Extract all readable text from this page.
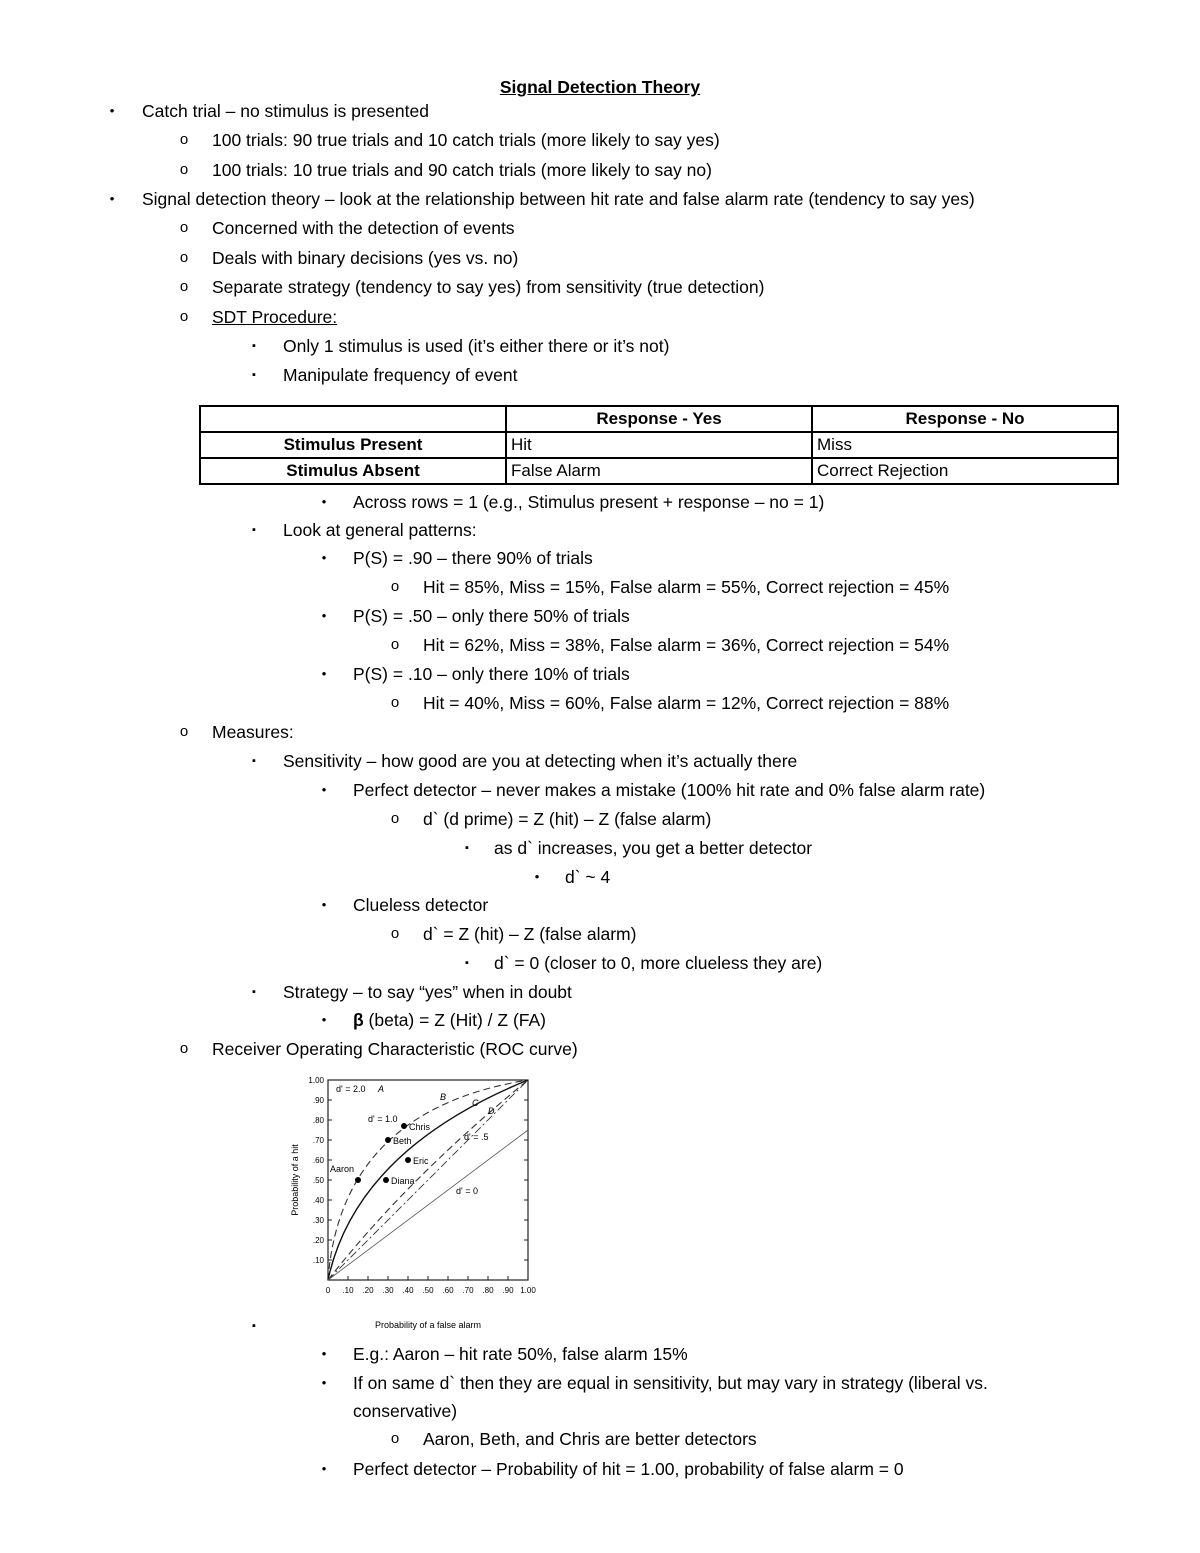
Signal Detection Theory
•	Catch trial – no stimulus is presented
o 100 trials: 90 true trials and 10 catch trials (more likely to say yes)
o 100 trials: 10 true trials and 90 catch trials (more likely to say no)
•	Signal detection theory – look at the relationship between hit rate and false alarm rate (tendency to say yes)
o Concerned with the detection of events
o Deals with binary decisions (yes vs. no)
o Separate strategy (tendency to say yes) from sensitivity (true detection)
o SDT Procedure:
▪	Only 1 stimulus is used (it’s either there or it’s not)
▪	Manipulate frequency of event
	Response - Yes	Response - No
Stimulus Present	Hit	Miss
Stimulus Absent	False Alarm	Correct Rejection
•	Across rows = 1 (e.g., Stimulus present + response – no = 1)
▪	Look at general patterns:
•	P(S) = .90 – there 90% of trials
o Hit = 85%, Miss = 15%, False alarm = 55%, Correct rejection = 45%
•	P(S) = .50 – only there 50% of trials
o Hit = 62%, Miss = 38%, False alarm = 36%, Correct rejection = 54%
•	P(S) = .10 – only there 10% of trials
o Hit = 40%, Miss = 60%, False alarm = 12%, Correct rejection = 88%
o Measures:
▪	Sensitivity – how good are you at detecting when it’s actually there
•	Perfect detector – never makes a mistake (100% hit rate and 0% false alarm rate)
o d` (d prime) = Z (hit) – Z (false alarm)
▪	as d` increases, you get a better detector
•	d` ~ 4
•	Clueless detector
o d` = Z (hit) – Z (false alarm)
▪	d` = 0 (closer to 0, more clueless they are)
▪	Strategy – to say “yes” when in doubt
•	β (beta) = Z (Hit) / Z (FA)
o Receiver Operating Characteristic (ROC curve)
1.00
.90
.80
.70
.60
.50
.40
.30
.20
.10
0 .10 .20 .30 .40 .50 .60 .70 .80 .90 1.00
Aaron
Beth
Chris
Diana
Eric
d' = 2.0
d' = 1.0
d' = .5
d' = 0
A
B
C
D
Probability of a hit
Probability of a false alarm
▪
•	E.g.: Aaron – hit rate 50%, false alarm 15%
•	If on same d` then they are equal in sensitivity, but may vary in strategy (liberal vs.
conservative)
o Aaron, Beth, and Chris are better detectors
•	Perfect detector – Probability of hit = 1.00, probability of false alarm = 0
